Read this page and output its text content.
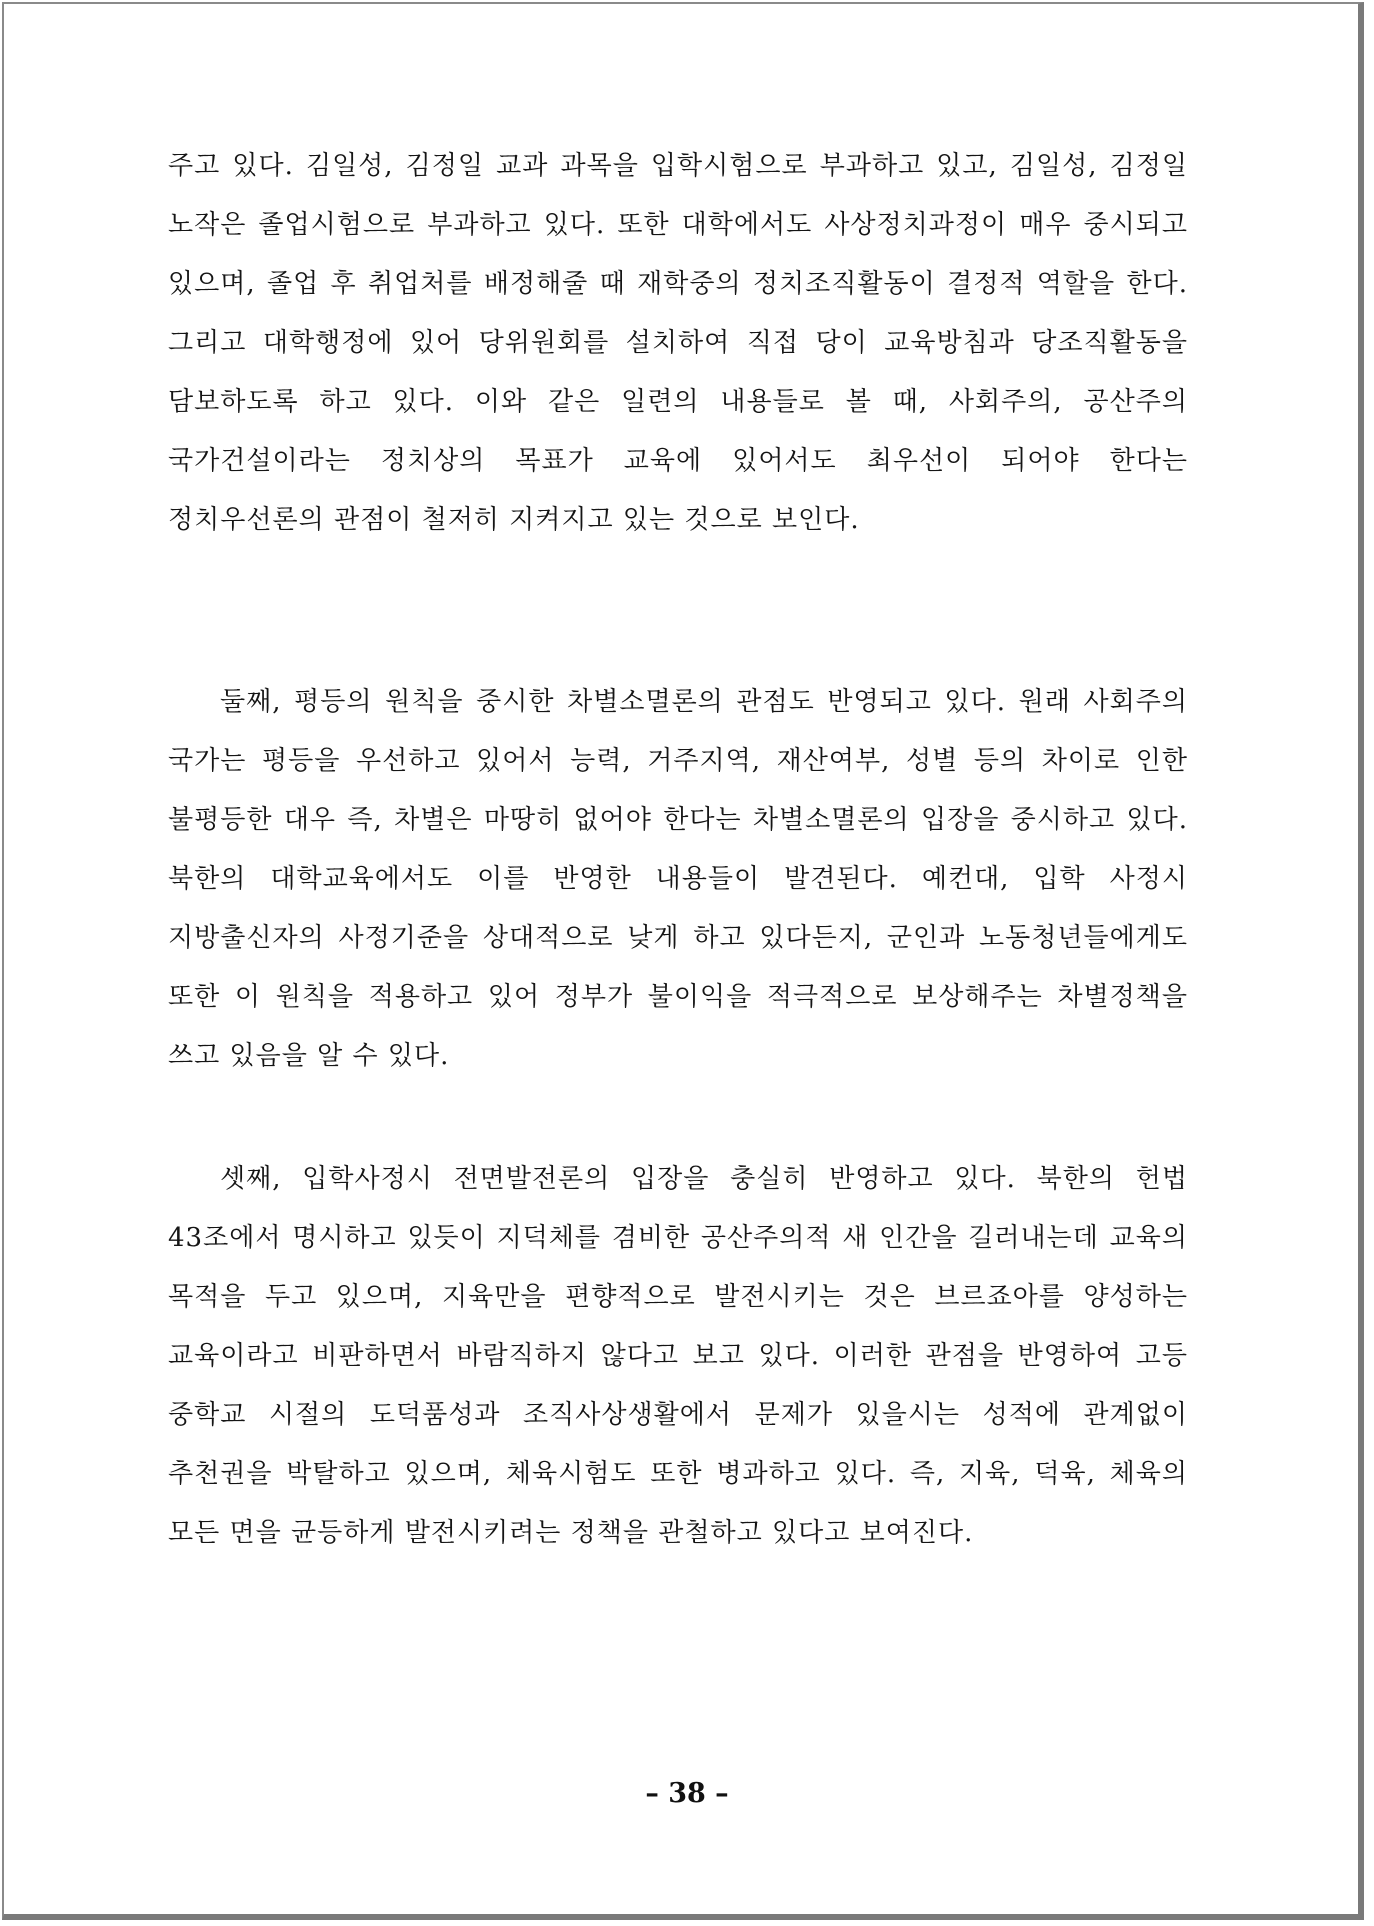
주고 있다. 김일성, 김정일 교과 과목을 입학시험으로 부과하고 있고, 김일성, 김정일 노작은 졸업시험으로 부과하고 있다. 또한 대학에서도 사상정치과정이 매우 중시되고 있으며, 졸업 후 취업처를 배정해줄 때 재학중의 정치조직활동이 결정적 역할을 한다. 그리고 대학행정에 있어 당위원회를 설치하여 직접 당이 교육방침과 당조직활동을 담보하도록 하고 있다. 이와 같은 일련의 내용들로 볼 때, 사회주의, 공산주의 국가건설이라는 정치상의 목표가 교육에 있어서도 최우선이 되어야 한다는 정치우선론의 관점이 철저히 지켜지고 있는 것으로 보인다.

둘째, 평등의 원칙을 중시한 차별소멸론의 관점도 반영되고 있다. 원래 사회주의 국가는 평등을 우선하고 있어서 능력, 거주지역, 재산여부, 성별 등의 차이로 인한 불평등한 대우 즉, 차별은 마땅히 없어야 한다는 차별소멸론의 입장을 중시하고 있다. 북한의 대학교육에서도 이를 반영한 내용들이 발견된다. 예컨대, 입학 사정시 지방출신자의 사정기준을 상대적으로 낮게 하고 있다든지, 군인과 노동청년들에게도 또한 이 원칙을 적용하고 있어 정부가 불이익을 적극적으로 보상해주는 차별정책을 쓰고 있음을 알 수 있다.

셋째, 입학사정시 전면발전론의 입장을 충실히 반영하고 있다. 북한의 헌법 43조에서 명시하고 있듯이 지덕체를 겸비한 공산주의적 새 인간을 길러내는데 교육의 목적을 두고 있으며, 지육만을 편향적으로 발전시키는 것은 브르죠아를 양성하는 교육이라고 비판하면서 바람직하지 않다고 보고 있다. 이러한 관점을 반영하여 고등 중학교 시절의 도덕품성과 조직사상생활에서 문제가 있을시는 성적에 관계없이 추천권을 박탈하고 있으며, 체육시험도 또한 병과하고 있다. 즉, 지육, 덕육, 체육의 모든 면을 균등하게 발전시키려는 정책을 관철하고 있다고 보여진다.

– 38 –
